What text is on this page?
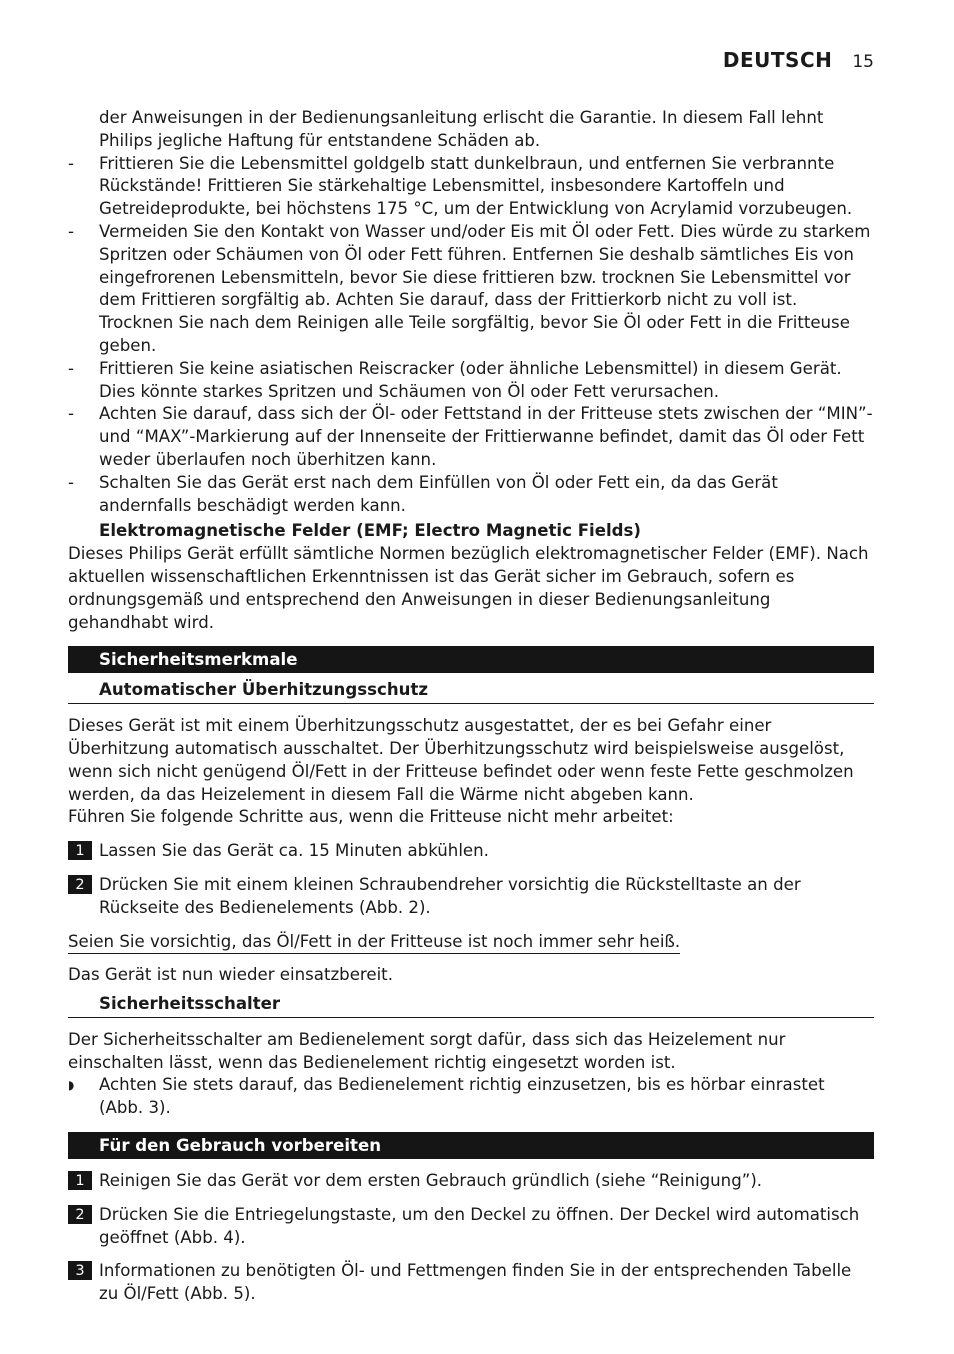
DEUTSCH 15

der Anweisungen in der Bedienungsanleitung erlischt die Garantie. In diesem Fall lehnt Philips jegliche Haftung für entstandene Schäden ab.

- Frittieren Sie die Lebensmittel goldgelb statt dunkelbraun, und entfernen Sie verbrannte Rückstände! Frittieren Sie stärkehaltige Lebensmittel, insbesondere Kartoffeln und Getreideprodukte, bei höchstens 175 °C, um der Entwicklung von Acrylamid vorzubeugen.
- Vermeiden Sie den Kontakt von Wasser und/oder Eis mit Öl oder Fett. Dies würde zu starkem Spritzen oder Schäumen von Öl oder Fett führen. Entfernen Sie deshalb sämtliches Eis von eingefrorenen Lebensmitteln, bevor Sie diese frittieren bzw. trocknen Sie Lebensmittel vor dem Frittieren sorgfältig ab. Achten Sie darauf, dass der Frittierkorb nicht zu voll ist. Trocknen Sie nach dem Reinigen alle Teile sorgfältig, bevor Sie Öl oder Fett in die Fritteuse geben.
- Frittieren Sie keine asiatischen Reiscracker (oder ähnliche Lebensmittel) in diesem Gerät. Dies könnte starkes Spritzen und Schäumen von Öl oder Fett verursachen.
- Achten Sie darauf, dass sich der Öl- oder Fettstand in der Fritteuse stets zwischen der “MIN”- und “MAX”-Markierung auf der Innenseite der Frittierwanne befindet, damit das Öl oder Fett weder überlaufen noch überhitzen kann.
- Schalten Sie das Gerät erst nach dem Einfüllen von Öl oder Fett ein, da das Gerät andernfalls beschädigt werden kann.

Elektromagnetische Felder (EMF; Electro Magnetic Fields)

Dieses Philips Gerät erfüllt sämtliche Normen bezüglich elektromagnetischer Felder (EMF). Nach aktuellen wissenschaftlichen Erkenntnissen ist das Gerät sicher im Gebrauch, sofern es ordnungsgemäß und entsprechend den Anweisungen in dieser Bedienungsanleitung gehandhabt wird.

Sicherheitsmerkmale

Automatischer Überhitzungsschutz

Dieses Gerät ist mit einem Überhitzungsschutz ausgestattet, der es bei Gefahr einer Überhitzung automatisch ausschaltet. Der Überhitzungsschutz wird beispielsweise ausgelöst, wenn sich nicht genügend Öl/Fett in der Fritteuse befindet oder wenn feste Fette geschmolzen werden, da das Heizelement in diesem Fall die Wärme nicht abgeben kann.

Führen Sie folgende Schritte aus, wenn die Fritteuse nicht mehr arbeitet:

1 Lassen Sie das Gerät ca. 15 Minuten abkühlen.
2 Drücken Sie mit einem kleinen Schraubendreher vorsichtig die Rückstelltaste an der Rückseite des Bedienelements (Abb. 2).

Seien Sie vorsichtig, das Öl/Fett in der Fritteuse ist noch immer sehr heiß.

Das Gerät ist nun wieder einsatzbereit.

Sicherheitsschalter

Der Sicherheitsschalter am Bedienelement sorgt dafür, dass sich das Heizelement nur einschalten lässt, wenn das Bedienelement richtig eingesetzt worden ist.

◗ Achten Sie stets darauf, das Bedienelement richtig einzusetzen, bis es hörbar einrastet (Abb. 3).
Für den Gebrauch vorbereiten
1 Reinigen Sie das Gerät vor dem ersten Gebrauch gründlich (siehe “Reinigung”).
2 Drücken Sie die Entriegelungstaste, um den Deckel zu öffnen. Der Deckel wird automatisch geöffnet (Abb. 4).
3 Informationen zu benötigten Öl- und Fettmengen finden Sie in der entsprechenden Tabelle zu Öl/Fett (Abb. 5).
